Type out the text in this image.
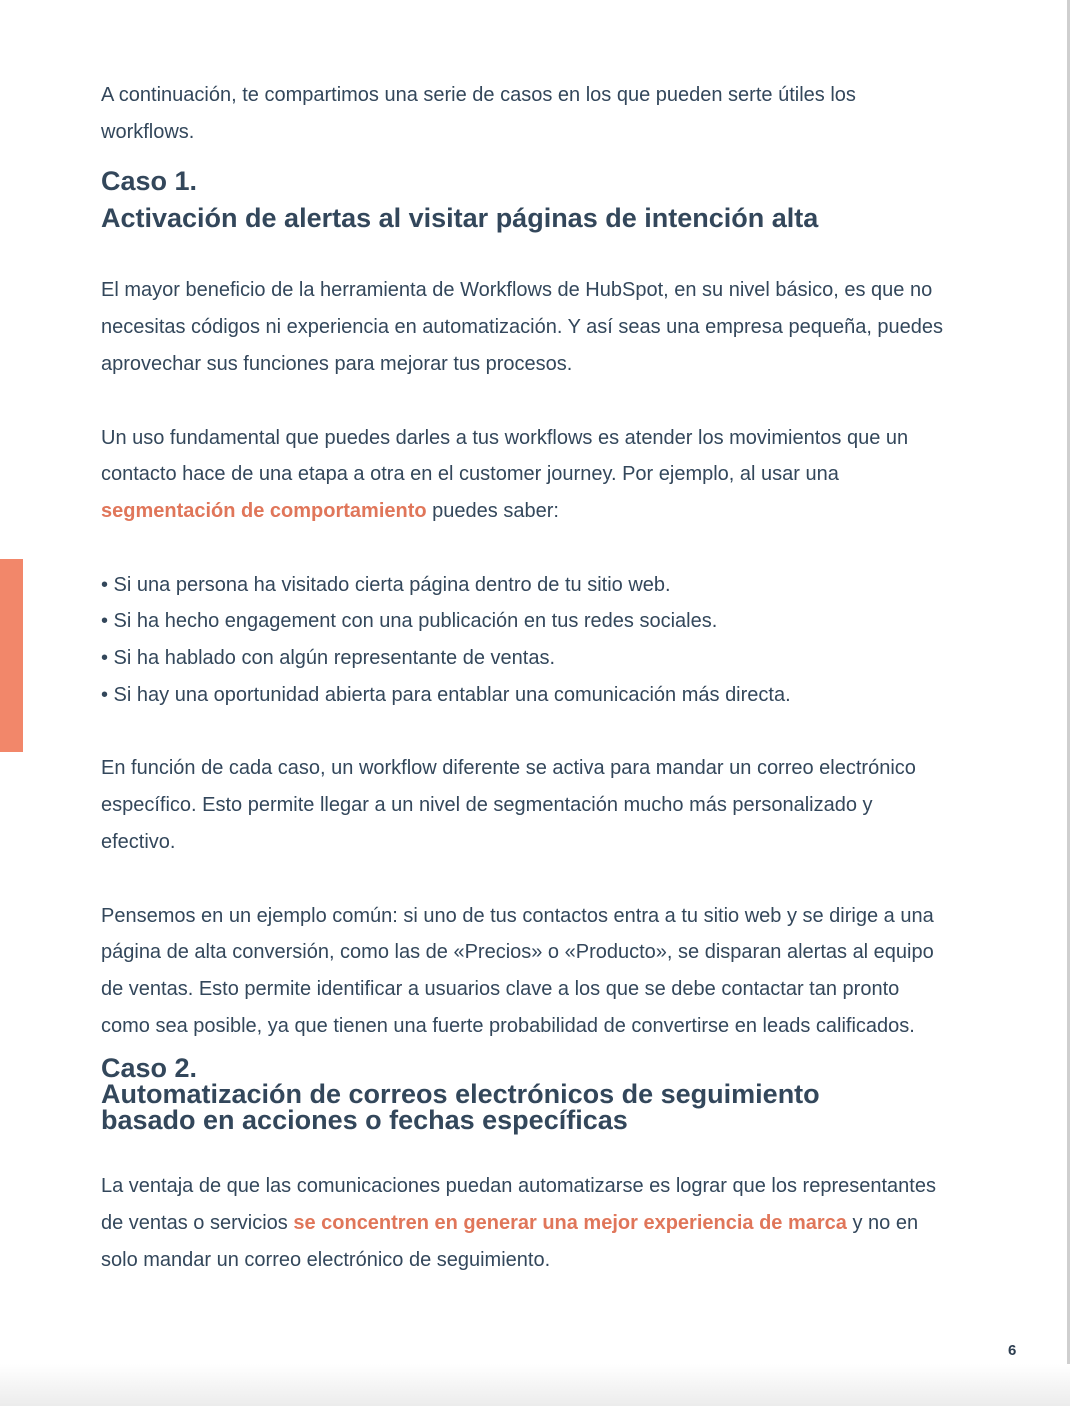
A continuación, te compartimos una serie de casos en los que pueden serte útiles los workflows.

Caso 1.
Activación de alertas al visitar páginas de intención alta

El mayor beneficio de la herramienta de Workflows de HubSpot, en su nivel básico, es que no necesitas códigos ni experiencia en automatización. Y así seas una empresa pequeña, puedes aprovechar sus funciones para mejorar tus procesos.

Un uso fundamental que puedes darles a tus workflows es atender los movimientos que un contacto hace de una etapa a otra en el customer journey. Por ejemplo, al usar una segmentación de comportamiento puedes saber:

• Si una persona ha visitado cierta página dentro de tu sitio web.
• Si ha hecho engagement con una publicación en tus redes sociales.
• Si ha hablado con algún representante de ventas.
• Si hay una oportunidad abierta para entablar una comunicación más directa.

En función de cada caso, un workflow diferente se activa para mandar un correo electrónico específico. Esto permite llegar a un nivel de segmentación mucho más personalizado y efectivo.

Pensemos en un ejemplo común: si uno de tus contactos entra a tu sitio web y se dirige a una página de alta conversión, como las de «Precios» o «Producto», se disparan alertas al equipo de ventas. Esto permite identificar a usuarios clave a los que se debe contactar tan pronto como sea posible, ya que tienen una fuerte probabilidad de convertirse en leads calificados.

Caso 2.
Automatización de correos electrónicos de seguimiento
basado en acciones o fechas específicas

La ventaja de que las comunicaciones puedan automatizarse es lograr que los representantes de ventas o servicios se concentren en generar una mejor experiencia de marca y no en solo mandar un correo electrónico de seguimiento.

6
